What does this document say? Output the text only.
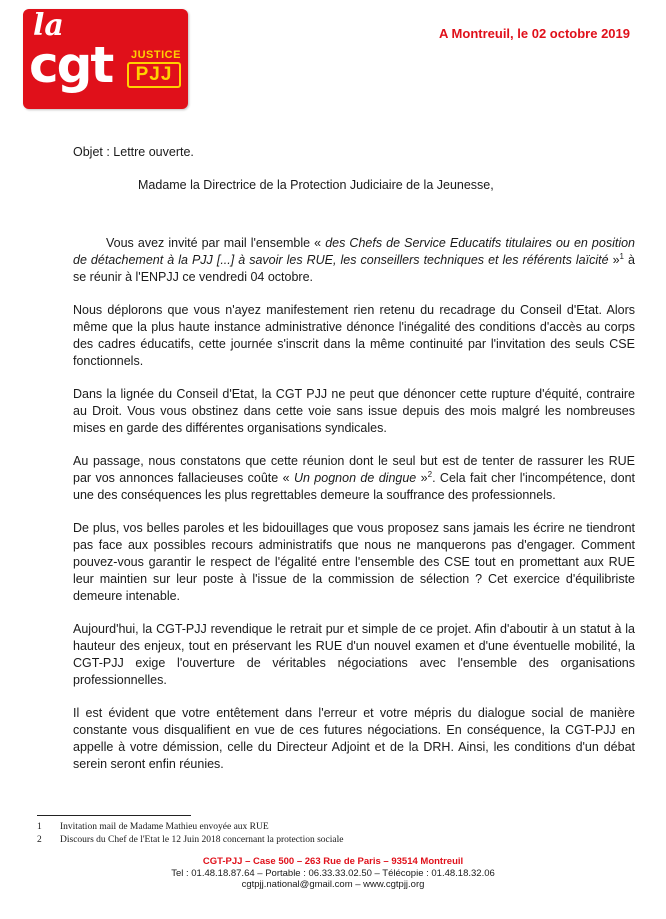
la
cgt JUSTICE
PJJ
A Montreuil, le 02 octobre 2019
Objet : Lettre ouverte.
Madame la Directrice de la Protection Judiciaire de la Jeunesse,

Vous avez invité par mail l'ensemble « des Chefs de Service Educatifs titulaires ou en position de détachement à la PJJ [...] à savoir les RUE, les conseillers techniques et les référents laïcité »$^1$ à se réunir à l'ENPJJ ce vendredi 04 octobre.

Nous déplorons que vous n'ayez manifestement rien retenu du recadrage du Conseil d'Etat. Alors même que la plus haute instance administrative dénonce l'inégalité des conditions d'accès au corps des cadres éducatifs, cette journée s'inscrit dans la même continuité par l'invitation des seuls CSE fonctionnels.

Dans la lignée du Conseil d'Etat, la CGT PJJ ne peut que dénoncer cette rupture d'équité, contraire au Droit. Vous vous obstinez dans cette voie sans issue depuis des mois malgré les nombreuses mises en garde des différentes organisations syndicales.

Au passage, nous constatons que cette réunion dont le seul but est de tenter de rassurer les RUE par vos annonces fallacieuses coûte « Un pognon de dingue »$^2$. Cela fait cher l'incompétence, dont une des conséquences les plus regrettables demeure la souffrance des professionnels.

De plus, vos belles paroles et les bidouillages que vous proposez sans jamais les écrire ne tiendront pas face aux possibles recours administratifs que nous ne manquerons pas d'engager. Comment pouvez-vous garantir le respect de l'égalité entre l'ensemble des CSE tout en promettant aux RUE leur maintien sur leur poste à l'issue de la commission de sélection ? Cet exercice d'équilibriste demeure intenable.

Aujourd'hui, la CGT-PJJ revendique le retrait pur et simple de ce projet. Afin d'aboutir à un statut à la hauteur des enjeux, tout en préservant les RUE d'un nouvel examen et d'une éventuelle mobilité, la CGT-PJJ exige l'ouverture de véritables négociations avec l'ensemble des organisations professionnelles.

Il est évident que votre entêtement dans l'erreur et votre mépris du dialogue social de manière constante vous disqualifient en vue de ces futures négociations. En conséquence, la CGT-PJJ en appelle à votre démission, celle du Directeur Adjoint et de la DRH. Ainsi, les conditions d'un débat serein seront enfin réunies.

1 Invitation mail de Madame Mathieu envoyée aux RUE
2 Discours du Chef de l'Etat le 12 Juin 2018 concernant la protection sociale
CGT-PJJ – Case 500 – 263 Rue de Paris – 93514 Montreuil
Tel : 01.48.18.87.64 – Portable : 06.33.33.02.50 – Télécopie : 01.48.18.32.06
cgtpjj.national@gmail.com – www.cgtpjj.org
